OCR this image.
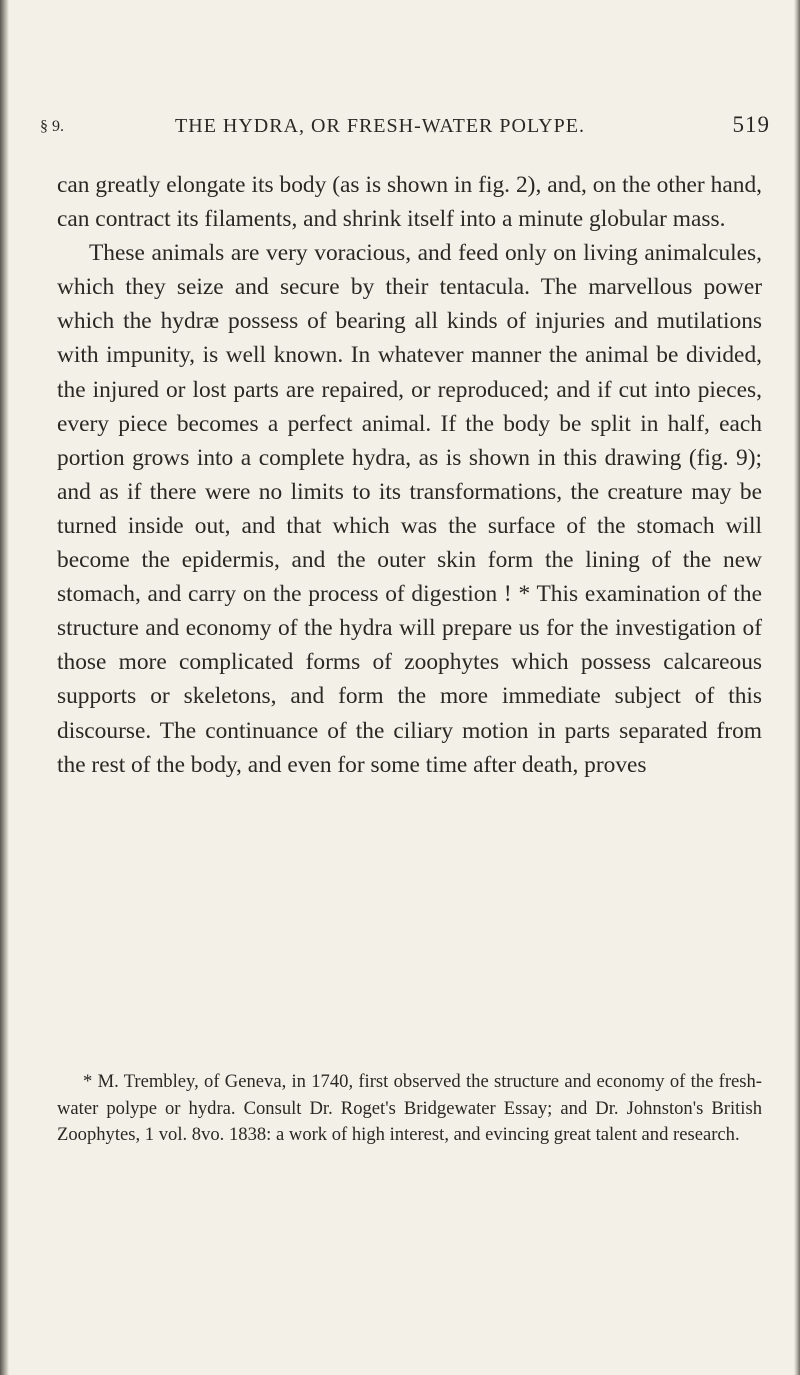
§ 9.	THE HYDRA, OR FRESH-WATER POLYPE.	519

can greatly elongate its body (as is shown in fig. 2), and, on the other hand, can contract its filaments, and shrink itself into a minute globular mass.

These animals are very voracious, and feed only on living animalcules, which they seize and secure by their tentacula. The marvellous power which the hydræ possess of bearing all kinds of injuries and mutilations with impunity, is well known. In whatever manner the animal be divided, the injured or lost parts are repaired, or reproduced; and if cut into pieces, every piece becomes a perfect animal. If the body be split in half, each portion grows into a complete hydra, as is shown in this drawing (fig. 9); and as if there were no limits to its transformations, the creature may be turned inside out, and that which was the surface of the stomach will become the epidermis, and the outer skin form the lining of the new stomach, and carry on the process of digestion ! * This examination of the structure and economy of the hydra will prepare us for the investigation of those more complicated forms of zoophytes which possess calcareous supports or skeletons, and form the more immediate subject of this discourse. The continuance of the ciliary motion in parts separated from the rest of the body, and even for some time after death, proves

* M. Trembley, of Geneva, in 1740, first observed the structure and economy of the fresh-water polype or hydra. Consult Dr. Roget's Bridgewater Essay; and Dr. Johnston's British Zoophytes, 1 vol. 8vo. 1838: a work of high interest, and evincing great talent and research.
